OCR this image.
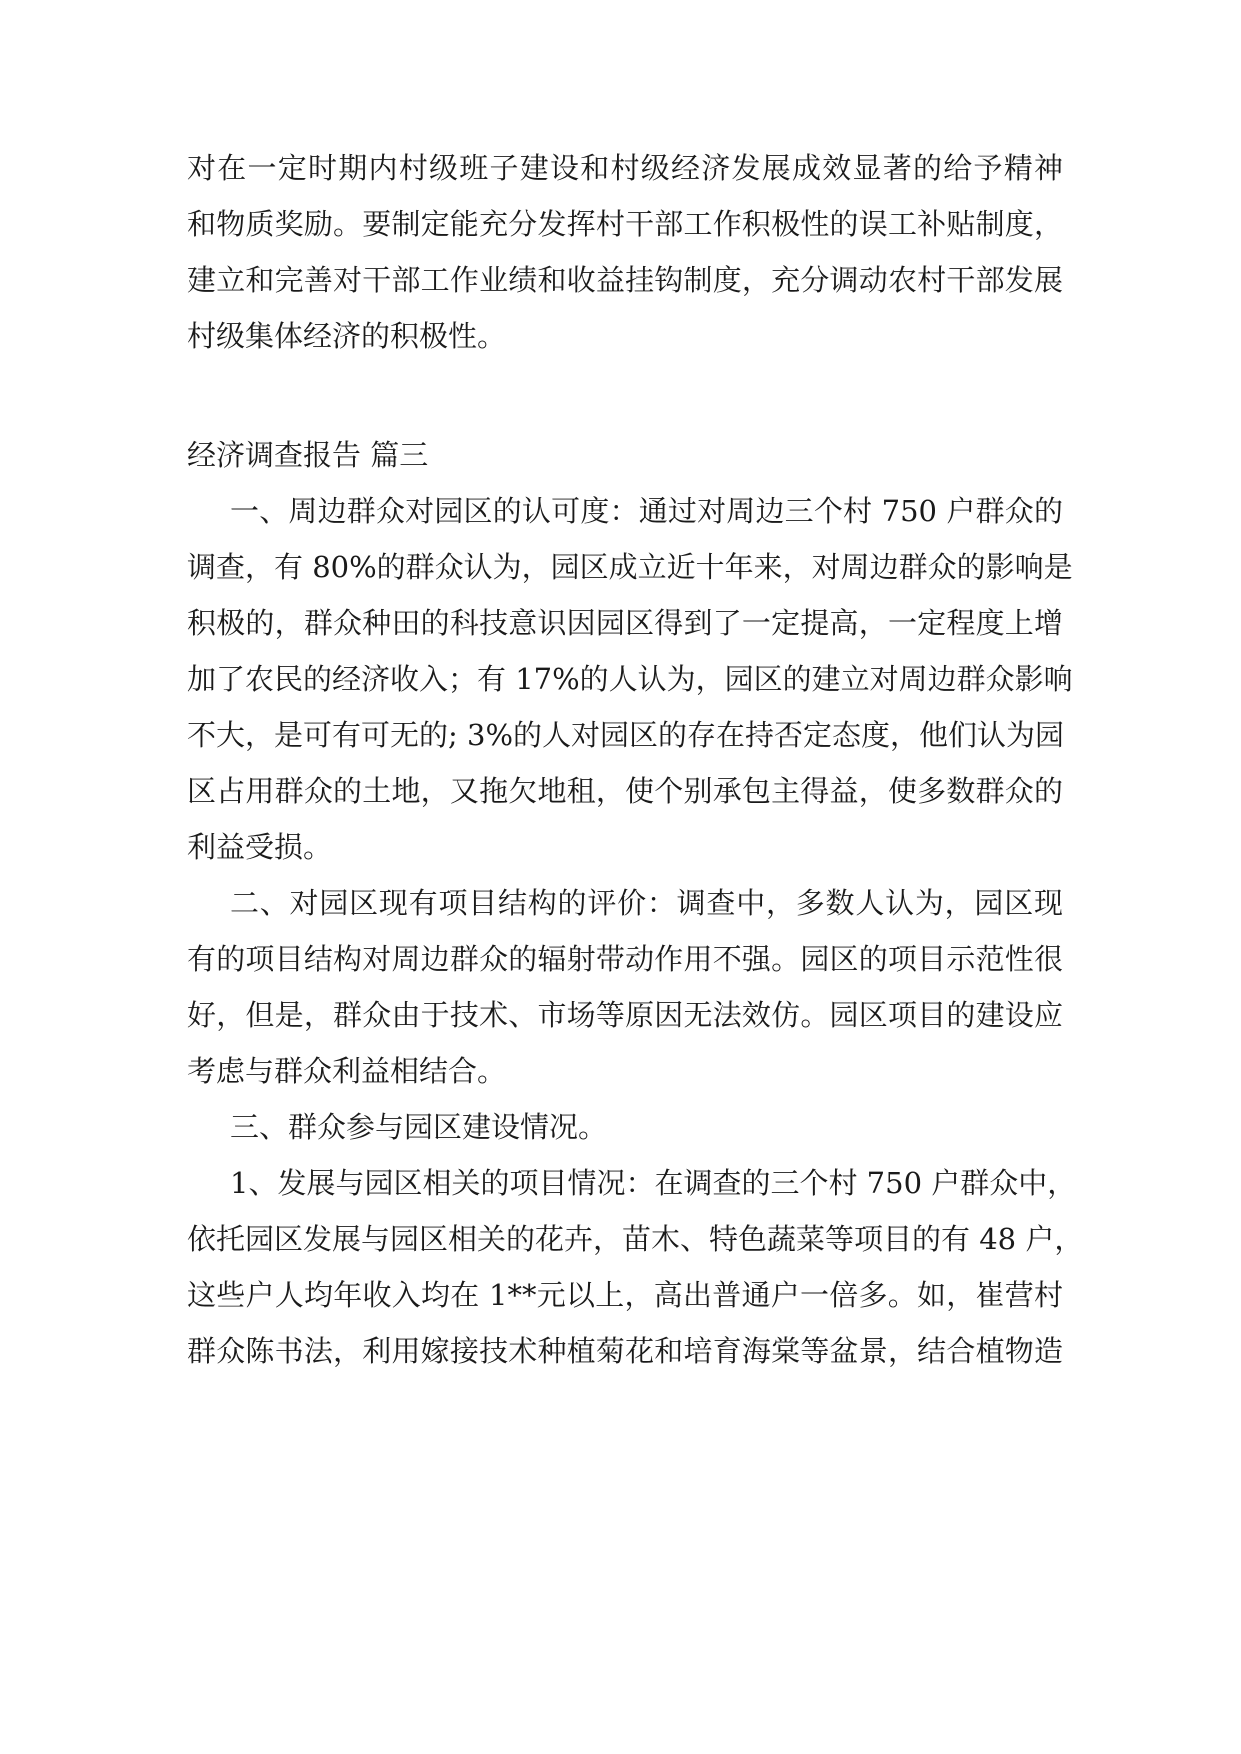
对在一定时期内村级班子建设和村级经济发展成效显著的给予精神
和物质奖励。要制定能充分发挥村干部工作积极性的误工补贴制度，
建立和完善对干部工作业绩和收益挂钩制度，充分调动农村干部发展
村级集体经济的积极性。
经济调查报告 篇三
一、周边群众对园区的认可度：通过对周边三个村 750 户群众的
调查，有 80%的群众认为，园区成立近十年来，对周边群众的影响是
积极的，群众种田的科技意识因园区得到了一定提高，一定程度上增
加了农民的经济收入；有 17%的人认为，园区的建立对周边群众影响
不大，是可有可无的; 3%的人对园区的存在持否定态度，他们认为园
区占用群众的土地，又拖欠地租，使个别承包主得益，使多数群众的
利益受损。
二、对园区现有项目结构的评价：调查中，多数人认为，园区现
有的项目结构对周边群众的辐射带动作用不强。园区的项目示范性很
好，但是，群众由于技术、市场等原因无法效仿。园区项目的建设应
考虑与群众利益相结合。
三、群众参与园区建设情况。
1、发展与园区相关的项目情况：在调查的三个村 750 户群众中，
依托园区发展与园区相关的花卉，苗木、特色蔬菜等项目的有 48 户，
这些户人均年收入均在 1**元以上，高出普通户一倍多。如，崔营村
群众陈书法，利用嫁接技术种植菊花和培育海棠等盆景，结合植物造
